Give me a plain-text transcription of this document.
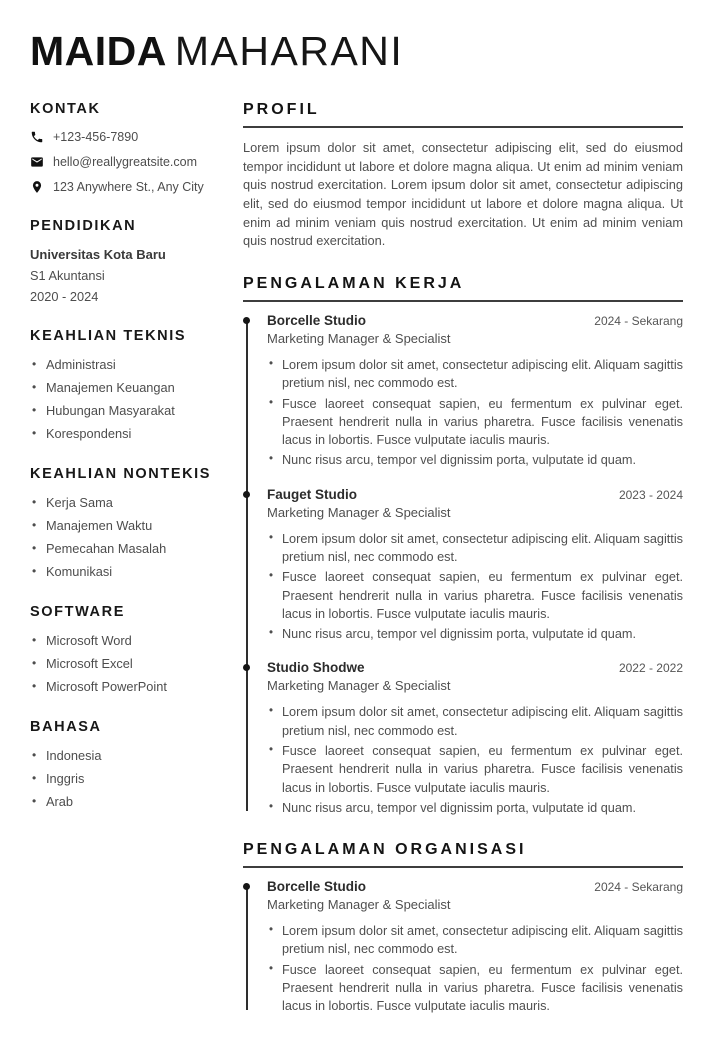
MAIDA MAHARANI
KONTAK
+123-456-7890
hello@reallygreatsite.com
123 Anywhere St., Any City
PENDIDIKAN
Universitas Kota Baru
S1 Akuntansi
2020 - 2024
KEAHLIAN TEKNIS
• Administrasi
• Manajemen Keuangan
• Hubungan Masyarakat
• Korespondensi
KEAHLIAN NONTEKIS
• Kerja Sama
• Manajemen Waktu
• Pemecahan Masalah
• Komunikasi
SOFTWARE
• Microsoft Word
• Microsoft Excel
• Microsoft PowerPoint
BAHASA
• Indonesia
• Inggris
• Arab
PROFIL

Lorem ipsum dolor sit amet, consectetur adipiscing elit, sed do eiusmod tempor incididunt ut labore et dolore magna aliqua. Ut enim ad minim veniam quis nostrud exercitation. Lorem ipsum dolor sit amet, consectetur adipiscing elit, sed do eiusmod tempor incididunt ut labore et dolore magna aliqua. Ut enim ad minim veniam quis nostrud exercitation. Ut enim ad minim veniam quis nostrud exercitation.

PENGALAMAN KERJA
Borcelle Studio	2024 - Sekarang
Marketing Manager & Specialist
• Lorem ipsum dolor sit amet, consectetur adipiscing elit. Aliquam sagittis pretium nisl, nec commodo est.
• Fusce laoreet consequat sapien, eu fermentum ex pulvinar eget. Praesent hendrerit nulla in varius pharetra. Fusce facilisis venenatis lacus in lobortis. Fusce vulputate iaculis mauris.
• Nunc risus arcu, tempor vel dignissim porta, vulputate id quam.
Fauget Studio	2023 - 2024
Marketing Manager & Specialist
• Lorem ipsum dolor sit amet, consectetur adipiscing elit. Aliquam sagittis pretium nisl, nec commodo est.
• Fusce laoreet consequat sapien, eu fermentum ex pulvinar eget. Praesent hendrerit nulla in varius pharetra. Fusce facilisis venenatis lacus in lobortis. Fusce vulputate iaculis mauris.
• Nunc risus arcu, tempor vel dignissim porta, vulputate id quam.
Studio Shodwe	2022 - 2022
Marketing Manager & Specialist
• Lorem ipsum dolor sit amet, consectetur adipiscing elit. Aliquam sagittis pretium nisl, nec commodo est.
• Fusce laoreet consequat sapien, eu fermentum ex pulvinar eget. Praesent hendrerit nulla in varius pharetra. Fusce facilisis venenatis lacus in lobortis. Fusce vulputate iaculis mauris.
• Nunc risus arcu, tempor vel dignissim porta, vulputate id quam.
PENGALAMAN ORGANISASI
Borcelle Studio	2024 - Sekarang
Marketing Manager & Specialist
• Lorem ipsum dolor sit amet, consectetur adipiscing elit. Aliquam sagittis pretium nisl, nec commodo est.
• Fusce laoreet consequat sapien, eu fermentum ex pulvinar eget. Praesent hendrerit nulla in varius pharetra. Fusce facilisis venenatis lacus in lobortis. Fusce vulputate iaculis mauris.
